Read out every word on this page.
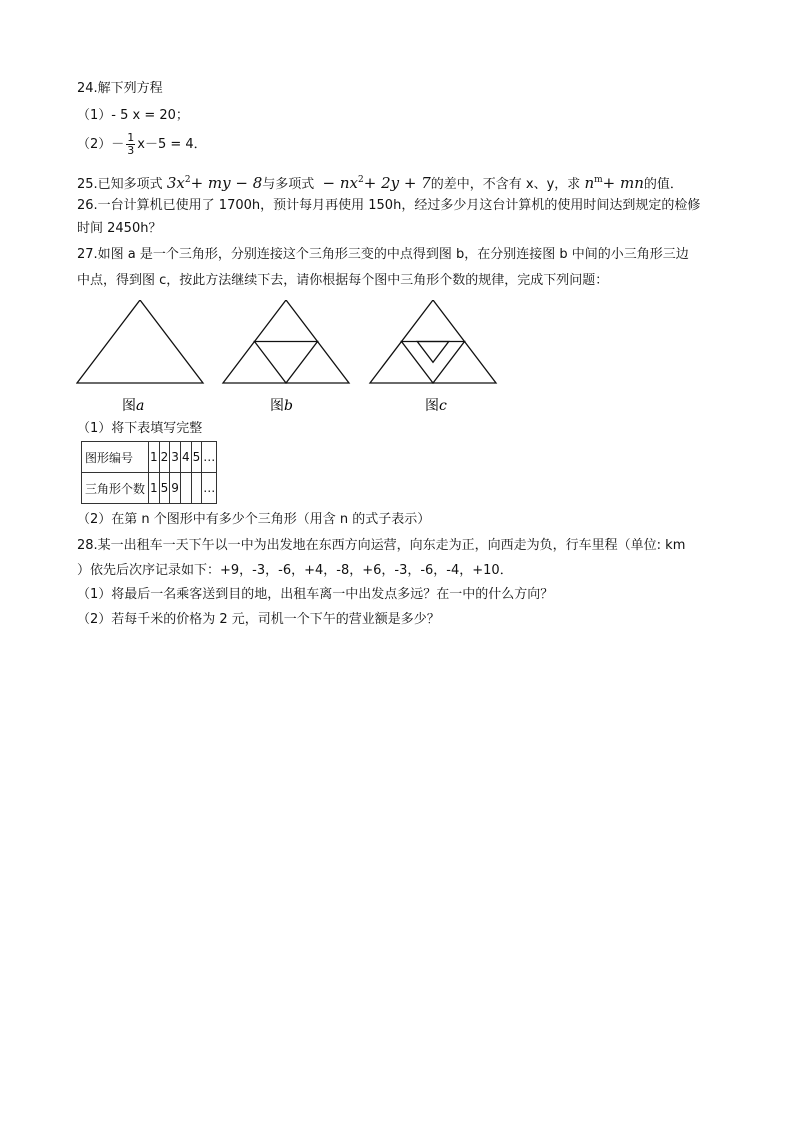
24.解下列方程
（1）- 5 x = 20；
$(2)- \frac{1}{3} x-5 = 4$．
25.已知多项式 $3x^2+$ my − 8与多项式 − $nx^2+ 2y + 7$的差中，不含有 x、y，求 $n^m+$ mn的值．
26.一台计算机已使用了 1700h，预计每月再使用 150h，经过多少月这台计算机的使用时间达到规定的检修
时间 2450h？
27.如图 a 是一个三角形，分别连接这个三角形三变的中点得到图 b，在分别连接图 b 中间的小三角形三边
中点，得到图 c，按此方法继续下去，请你根据每个图中三角形个数的规律，完成下列问题：
图a	图b	图c
（1）将下表填写完整
图形编号	1	2	3	4	5	…
三角形个数	1	5	9			…
（2）在第 n 个图形中有多少个三角形（用含 n 的式子表示）
28.某一出租车一天下午以一中为出发地在东西方向运营，向东走为正，向西走为负，行车里程（单位: km
）依先后次序记录如下：+9，-3，-6，+4，-8，+6，-3，-6，-4，+10．
（1）将最后一名乘客送到目的地，出租车离一中出发点多远？在一中的什么方向？
（2）若每千米的价格为 2 元，司机一个下午的营业额是多少？
